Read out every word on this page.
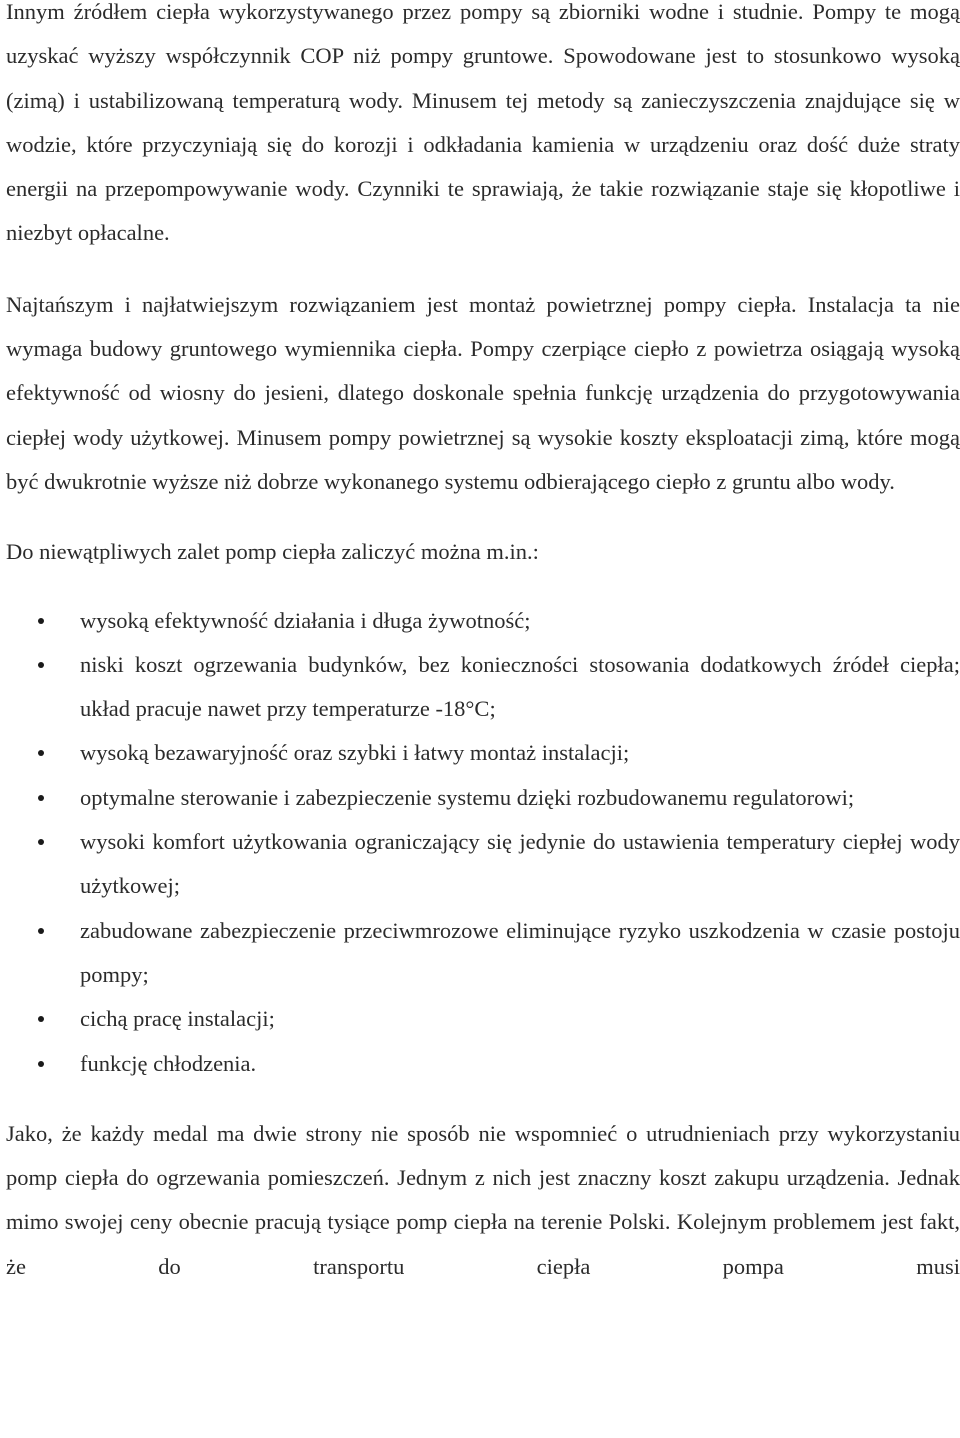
Innym źródłem ciepła wykorzystywanego przez pompy są zbiorniki wodne i studnie. Pompy te mogą uzyskać wyższy współczynnik COP niż pompy gruntowe. Spowodowane jest to stosunkowo wysoką (zimą) i ustabilizowaną temperaturą wody. Minusem tej metody są zanieczyszczenia znajdujące się w wodzie, które przyczyniają się do korozji i odkładania kamienia w urządzeniu oraz dość duże straty energii na przepompowywanie wody. Czynniki te sprawiają, że takie rozwiązanie staje się kłopotliwe i niezbyt opłacalne.

Najtańszym i najłatwiejszym rozwiązaniem jest montaż powietrznej pompy ciepła. Instalacja ta nie wymaga budowy gruntowego wymiennika ciepła. Pompy czerpiące ciepło z powietrza osiągają wysoką efektywność od wiosny do jesieni, dlatego doskonale spełnia funkcję urządzenia do przygotowywania ciepłej wody użytkowej. Minusem pompy powietrznej są wysokie koszty eksploatacji zimą, które mogą być dwukrotnie wyższe niż dobrze wykonanego systemu odbierającego ciepło z gruntu albo wody.

Do niewątpliwych zalet pomp ciepła zaliczyć można m.in.:

wysoką efektywność działania i długa żywotność;
niski koszt ogrzewania budynków, bez konieczności stosowania dodatkowych źródeł ciepła; układ pracuje nawet przy temperaturze -18°C;
wysoką bezawaryjność oraz szybki i łatwy montaż instalacji;
optymalne sterowanie i zabezpieczenie systemu dzięki rozbudowanemu regulatorowi;
wysoki komfort użytkowania ograniczający się jedynie do ustawienia temperatury ciepłej wody użytkowej;
zabudowane zabezpieczenie przeciwmrozowe eliminujące ryzyko uszkodzenia w czasie postoju pompy;
cichą pracę instalacji;
funkcję chłodzenia.

Jako, że każdy medal ma dwie strony nie sposób nie wspomnieć o utrudnieniach przy wykorzystaniu pomp ciepła do ogrzewania pomieszczeń. Jednym z nich jest znaczny koszt zakupu urządzenia. Jednak mimo swojej ceny obecnie pracują tysiące pomp ciepła na terenie Polski. Kolejnym problemem jest fakt, że do transportu ciepła pompa musi
